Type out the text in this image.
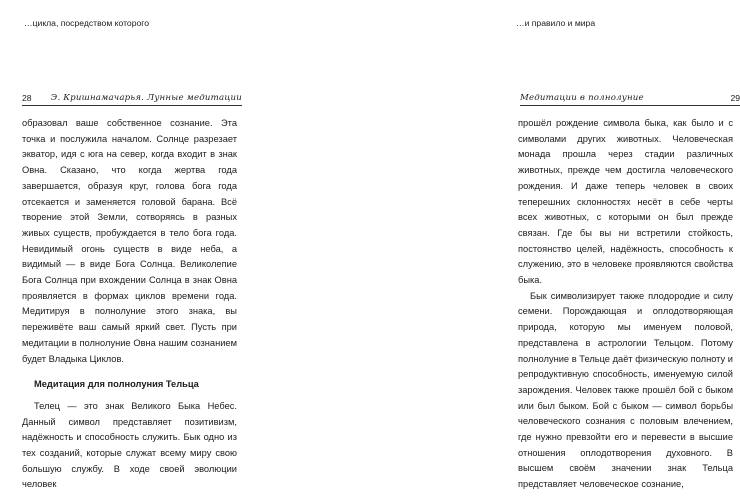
…цикла, посредством которого
28 Э. Кришнамачарья. Лунные медитации

образовал ваше собственное сознание. Эта точка и послужила началом. Солнце разрезает экватор, идя с юга на север, когда входит в знак Овна. Сказано, что когда жертва года завершается, образуя круг, голова бога года отсекается и заменяется головой барана. Всё творение этой Земли, сотворяясь в разных живых существ, пробуждается в тело бога года. Невидимый огонь существ в виде неба, а видимый — в виде Бога Солнца. Великолепие Бога Солнца при вхождении Солнца в знак Овна проявляется в формах циклов времени года. Медитируя в полнолуние этого знака, вы переживёте ваш самый яркий свет. Пусть при медитации в полнолуние Овна нашим сознанием будет Владыка Циклов.

Медитация для полнолуния Тельца

Телец — это знак Великого Быка Небес. Данный символ представляет позитивизм, надёжность и способность служить. Бык одно из тех созданий, которые служат всему миру свою большую службу. В ходе своей эволюции человек

…и правило и мира
Медитации в полнолуние	29

прошёл рождение символа быка, как было и с символами других животных. Человеческая монада прошла через стадии различных животных, прежде чем достигла человеческого рождения. И даже теперь человек в своих теперешних склонностях несёт в себе черты всех животных, с которыми он был прежде связан. Где бы вы ни встретили стойкость, постоянство целей, надёжность, способность к служению, это в человеке проявляются свойства быка.

Бык символизирует также плодородие и силу семени. Порождающая и оплодотворяющая природа, которую мы именуем половой, представлена в астрологии Тельцом. Потому полнолуние в Тельце даёт физическую полноту и репродуктивную способность, именуемую силой зарождения. Человек также прошёл бой с быком или был быком. Бой с быком — символ борьбы человеческого сознания с половым влечением, где нужно превзойти его и перевести в высшие отношения оплодотворения духовного. В высшем своём значении знак Тельца представляет человеческое сознание,
